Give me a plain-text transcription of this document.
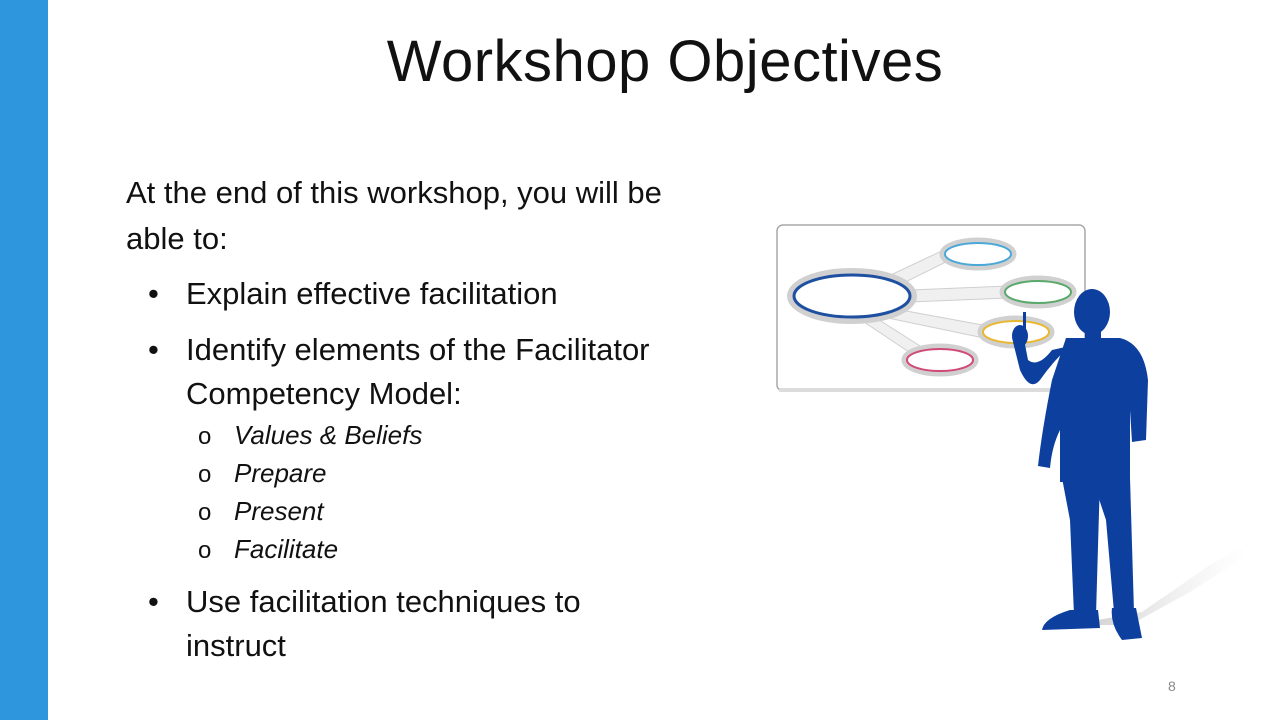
Workshop Objectives

At the end of this workshop, you will be able to:

• Explain effective facilitation
• Identify elements of the Facilitator Competency Model:
o Values & Beliefs
o Prepare
o Present
o Facilitate
• Use facilitation techniques to instruct
8
